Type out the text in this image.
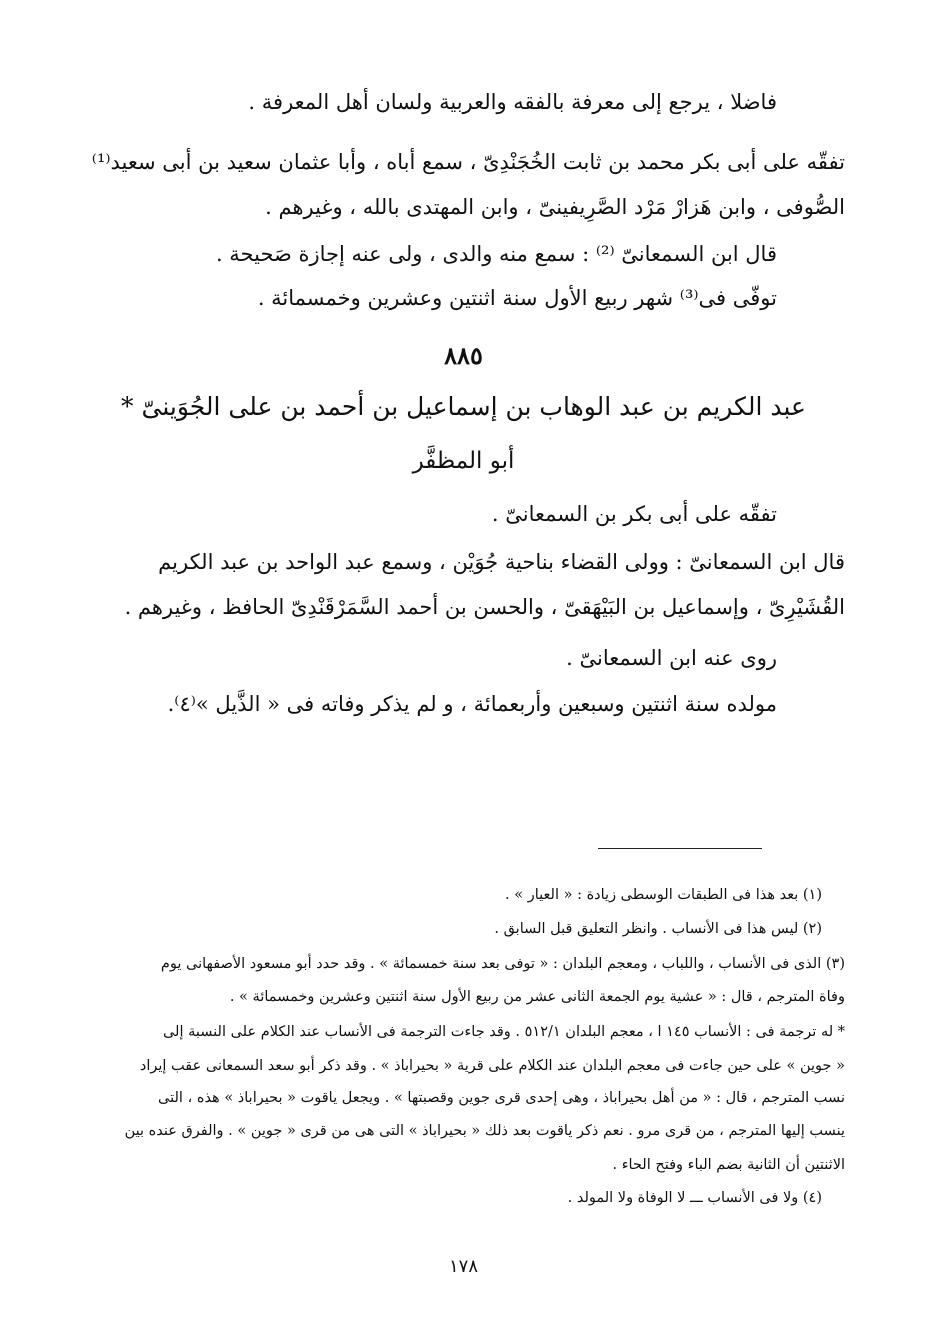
فاضلا ، يرجع إلى معرفة بالفقه والعربية ولسان أهل المعرفة .
تفقّه على أبى بكر محمد بن ثابت الخُجَنْدِىّ ، سمع أباه ، وأبا عثمان سعيد بن أبى سعيد⁽¹⁾
الصُّوفى ، وابن هَزارْ مَرْد الصَّرِيفينىّ ، وابن المهتدى بالله ، وغيرهم .
قال ابن السمعانىّ ⁽²⁾ : سمع منه والدى ، ولى عنه إجازة صَحيحة .
توفّى فى⁽³⁾ شهر ربيع الأول سنة اثنتين وعشرين وخمسمائة .
٨٨٥
عبد الكريم بن عبد الوهاب بن إسماعيل بن أحمد بن على الجُوَينىّ *
أبو المظفَّر
تفقّه على أبى بكر بن السمعانىّ .
قال ابن السمعانىّ : وولى القضاء بناحية جُوَيْن ، وسمع عبد الواحد بن عبد الكريم
القُشَيْرِىّ ، وإسماعيل بن البَيْهَقىّ ، والحسن بن أحمد السَّمَرْقَنْدِىّ الحافظ ، وغيرهم .
روى عنه ابن السمعانىّ .
مولده سنة اثنتين وسبعين وأربعمائة ، و لم يذكر وفاته فى « الذَّيل »⁽٤⁾.
(١) بعد هذا فى الطبقات الوسطى زيادة : « العيار » .
(٢) ليس هذا فى الأنساب . وانظر التعليق قبل السابق .
(٣) الذى فى الأنساب ، واللباب ، ومعجم البلدان : « توفى بعد سنة خمسمائة » . وقد حدد أبو مسعود الأصفهانى يوم
وفاة المترجم ، قال : « عشية يوم الجمعة الثانى عشر من ربيع الأول سنة اثنتين وعشرين وخمسمائة » .
* له ترجمة فى : الأنساب ١٤٥ ا ، معجم البلدان ٥١٢/١ . وقد جاءت الترجمة فى الأنساب عند الكلام على النسبة إلى
« جوين » على حين جاءت فى معجم البلدان عند الكلام على قرية « بحيراباذ » . وقد ذكر أبو سعد السمعانى عقب إيراد
نسب المترجم ، قال : « من أهل بحيراباذ ، وهى إحدى قرى جوين وقصبتها » . ويجعل ياقوت « بحيراباذ » هذه ، التى
ينسب إليها المترجم ، من قرى مرو . نعم ذكر ياقوت بعد ذلك « بحيراباذ » التى هى من قرى « جوين » . والفرق عنده بين
الاثنتين أن الثانية بضم الباء وفتح الحاء .
(٤) ولا فى الأنساب ـــ لا الوفاة ولا المولد .
١٧٨
